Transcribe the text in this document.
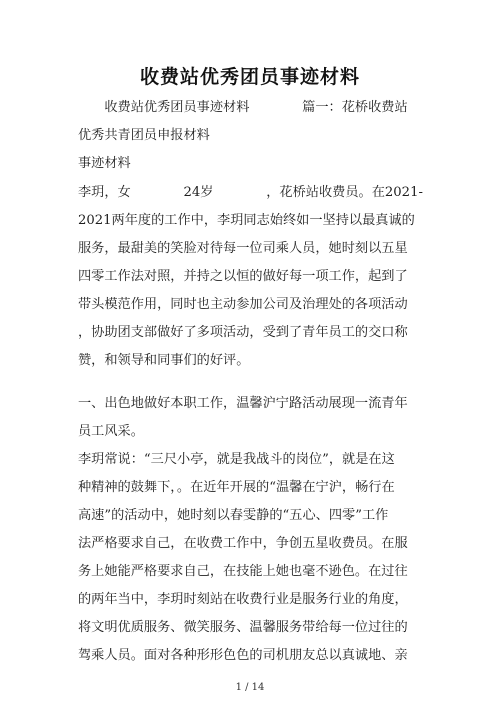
收费站优秀团员事迹材料
　　收费站优秀团员事迹材料　　　　篇一：花桥收费站
优秀共青团员申报材料
事迹材料
李玥，女　　　　24岁　　　　，花桥站收费员。在2021-
2021两年度的工作中，李玥同志始终如一坚持以最真诚的
服务，最甜美的笑脸对待每一位司乘人员，她时刻以五星
四零工作法对照，并持之以恒的做好每一项工作，起到了
带头模范作用，同时也主动参加公司及治理处的各项活动
，协助团支部做好了多项活动，受到了青年员工的交口称
赞，和领导和同事们的好评。
一、出色地做好本职工作，温馨沪宁路活动展现一流青年
员工风采。
李玥常说：“三尺小亭，就是我战斗的岗位”，就是在这
种精神的鼓舞下，。在近年开展的“温馨在宁沪，畅行在
高速”的活动中，她时刻以春雯静的“五心、四零”工作
法严格要求自己，在收费工作中，争创五星收费员。在服
务上她能严格要求自己，在技能上她也毫不逊色。在过往
的两年当中，李玥时刻站在收费行业是服务行业的角度，
将文明优质服务、微笑服务、温馨服务带给每一位过往的
驾乘人员。面对各种形形色色的司机朋友总以真诚地、亲
1 / 14
